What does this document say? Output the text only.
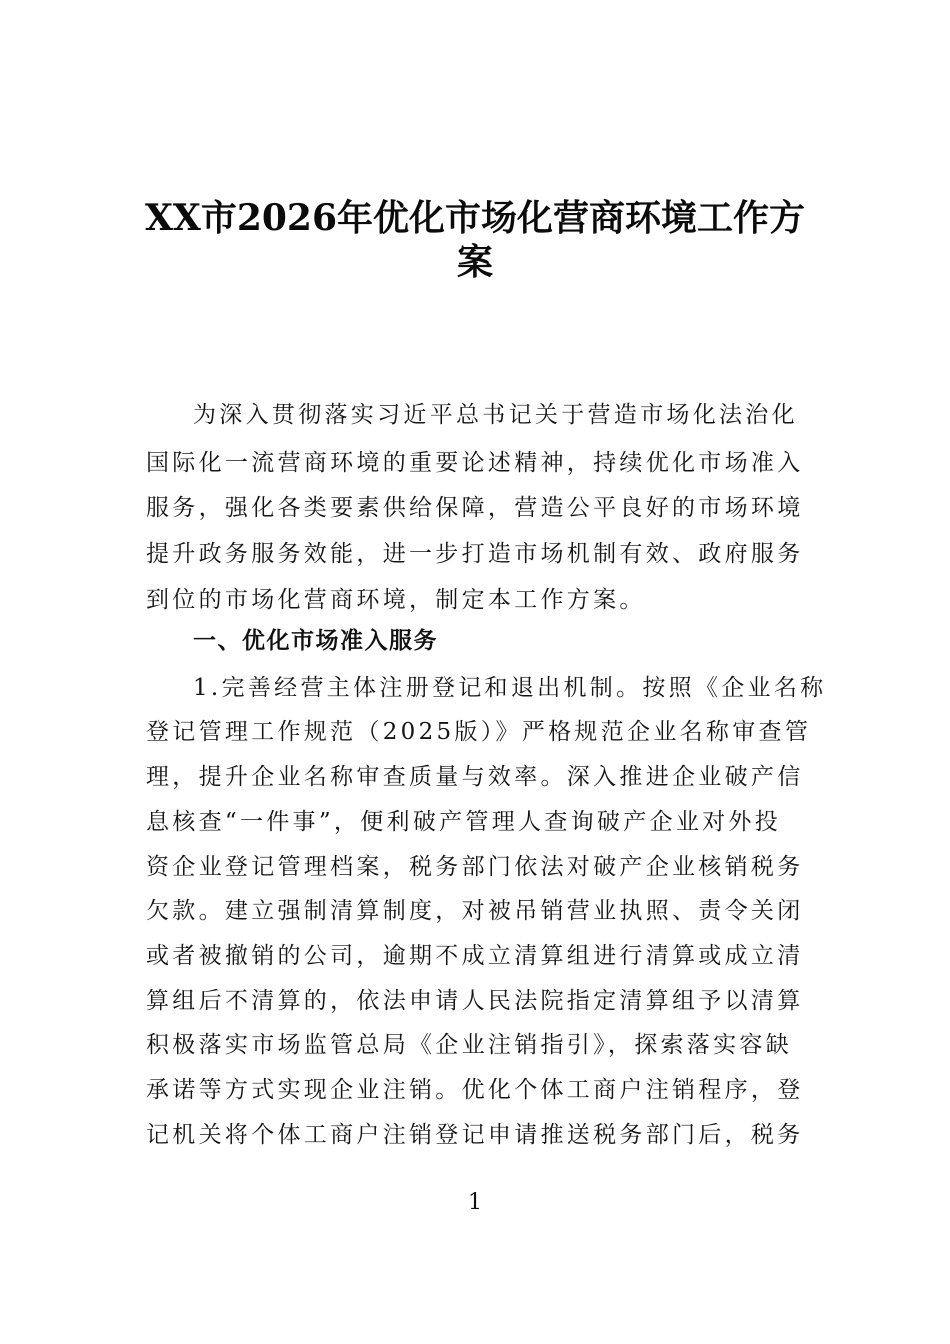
XX市2026年优化市场化营商环境工作方
案
为深入贯彻落实习近平总书记关于营造市场化法治化
国际化一流营商环境的重要论述精神，持续优化市场准入
服务，强化各类要素供给保障，营造公平良好的市场环境
提升政务服务效能，进一步打造市场机制有效、政府服务
到位的市场化营商环境，制定本工作方案。
一、优化市场准入服务
1.完善经营主体注册登记和退出机制。按照《企业名称
登记管理工作规范（2025版）》严格规范企业名称审查管
理，提升企业名称审查质量与效率。深入推进企业破产信
息核查“一件事”，便利破产管理人查询破产企业对外投
资企业登记管理档案，税务部门依法对破产企业核销税务
欠款。建立强制清算制度，对被吊销营业执照、责令关闭
或者被撤销的公司，逾期不成立清算组进行清算或成立清
算组后不清算的，依法申请人民法院指定清算组予以清算
积极落实市场监管总局《企业注销指引》，探索落实容缺
承诺等方式实现企业注销。优化个体工商户注销程序，登
记机关将个体工商户注销登记申请推送税务部门后，税务
1
